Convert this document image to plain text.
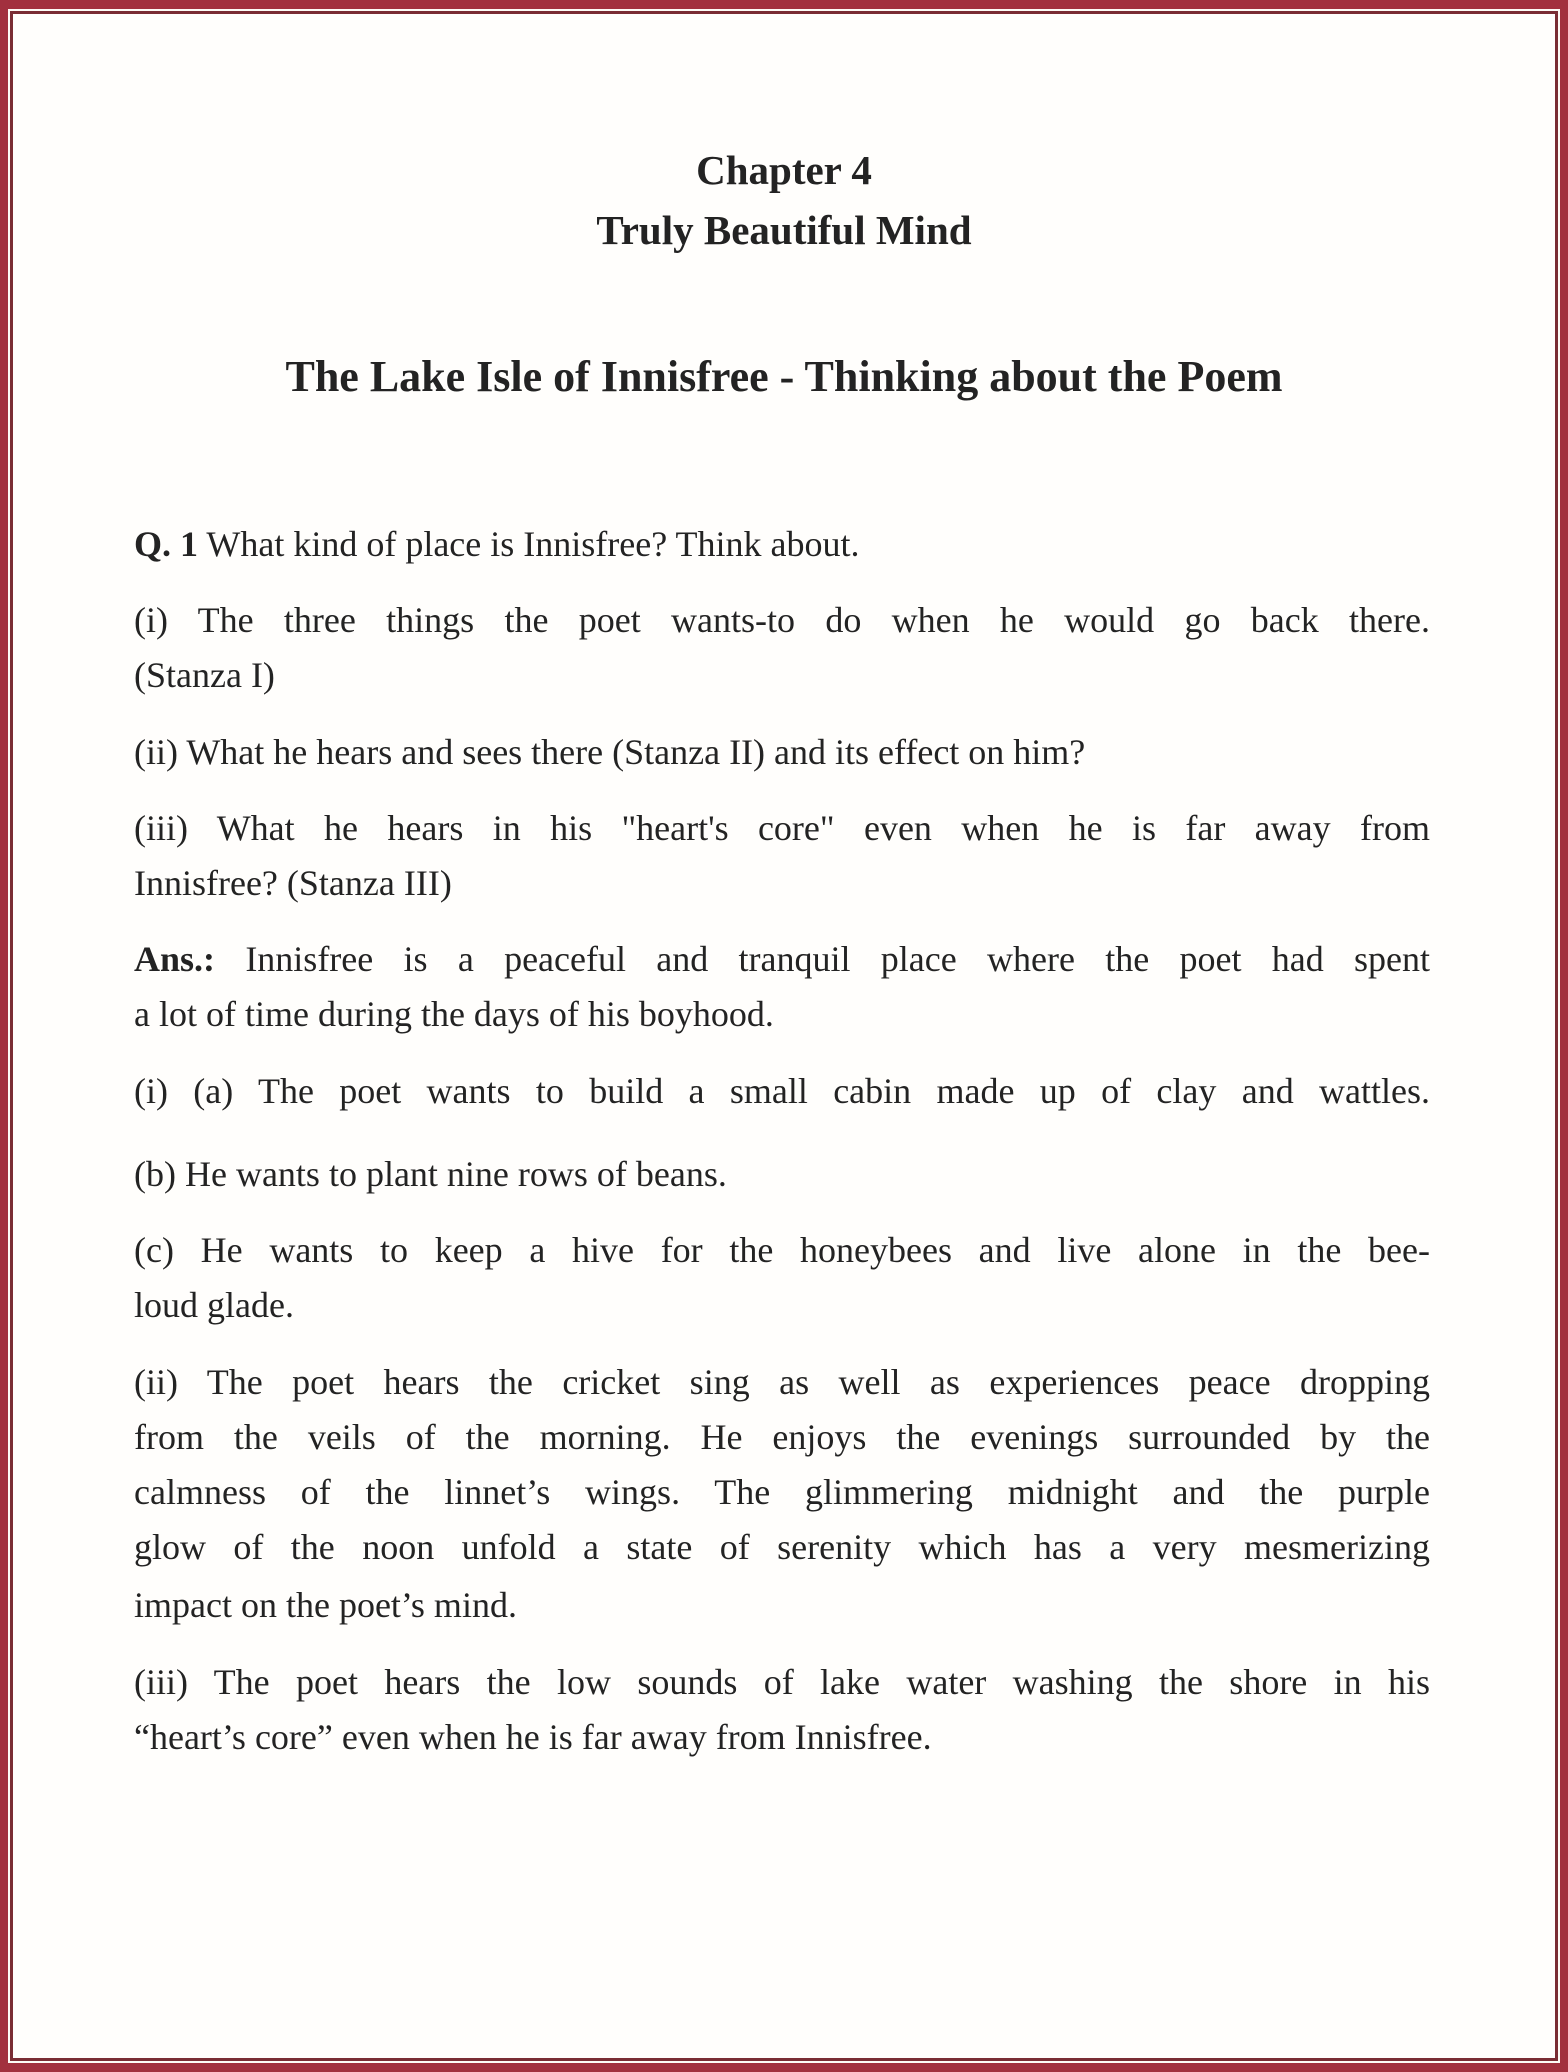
Chapter 4
Truly Beautiful Mind
The Lake Isle of Innisfree - Thinking about the Poem
Q. 1 What kind of place is Innisfree? Think about.
(i) The three things the poet wants-to do when he would go back there.
(Stanza I)
(ii) What he hears and sees there (Stanza II) and its effect on him?
(iii) What he hears in his "heart's core" even when he is far away from
Innisfree? (Stanza III)
Ans.: Innisfree is a peaceful and tranquil place where the poet had spent
a lot of time during the days of his boyhood.
(i) (a) The poet wants to build a small cabin made up of clay and wattles.
(b) He wants to plant nine rows of beans.
(c) He wants to keep a hive for the honeybees and live alone in the bee-
loud glade.
(ii) The poet hears the cricket sing as well as experiences peace dropping
from the veils of the morning. He enjoys the evenings surrounded by the
calmness of the linnet’s wings. The glimmering midnight and the purple
glow of the noon unfold a state of serenity which has a very mesmerizing
impact on the poet’s mind.
(iii) The poet hears the low sounds of lake water washing the shore in his
“heart’s core” even when he is far away from Innisfree.
